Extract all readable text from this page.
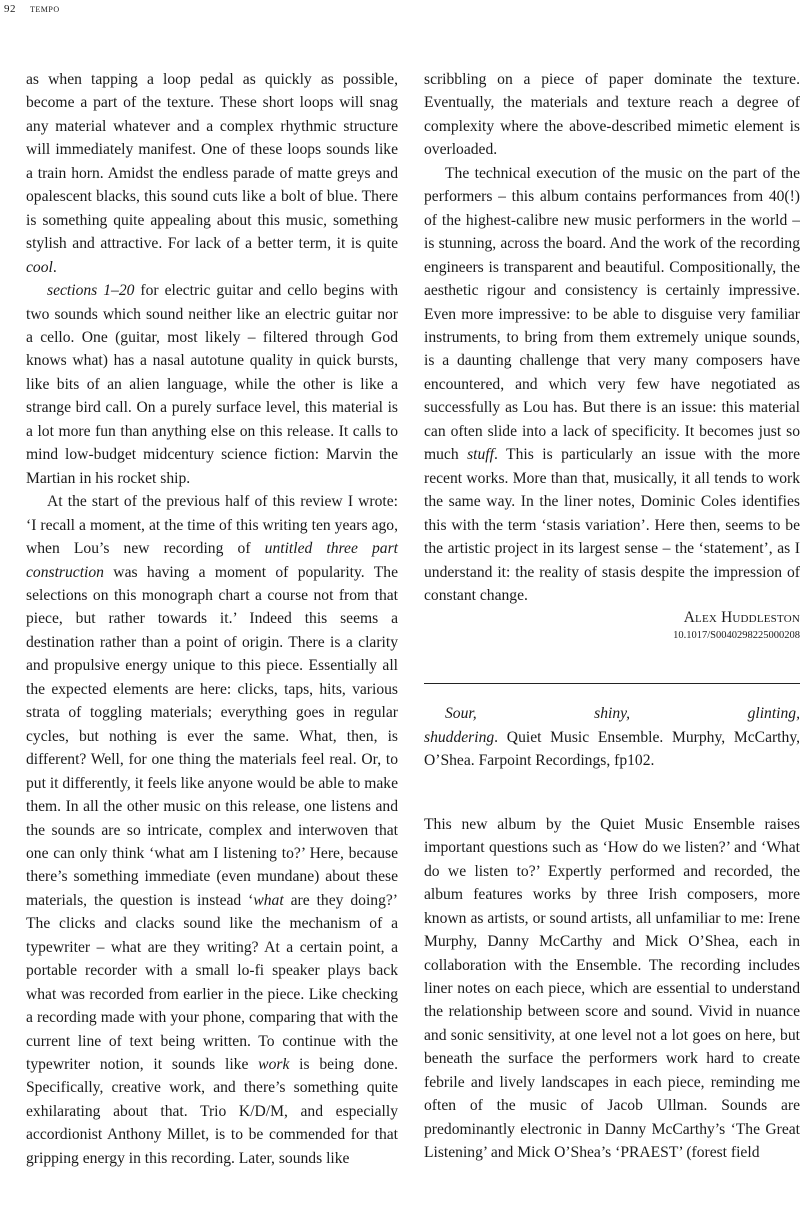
92 tempo

as when tapping a loop pedal as quickly as possible, become a part of the texture. These short loops will snag any material whatever and a complex rhythmic structure will immediately manifest. One of these loops sounds like a train horn. Amidst the endless parade of matte greys and opalescent blacks, this sound cuts like a bolt of blue. There is something quite appealing about this music, something stylish and attractive. For lack of a better term, it is quite cool.

sections 1–20 for electric guitar and cello begins with two sounds which sound neither like an electric guitar nor a cello. One (guitar, most likely – filtered through God knows what) has a nasal autotune quality in quick bursts, like bits of an alien language, while the other is like a strange bird call. On a purely surface level, this material is a lot more fun than anything else on this release. It calls to mind low-budget midcentury science fiction: Marvin the Martian in his rocket ship.

At the start of the previous half of this review I wrote: ‘I recall a moment, at the time of this writing ten years ago, when Lou’s new recording of untitled three part construction was having a moment of popularity. The selections on this monograph chart a course not from that piece, but rather towards it.’ Indeed this seems a destination rather than a point of origin. There is a clarity and propulsive energy unique to this piece. Essentially all the expected elements are here: clicks, taps, hits, various strata of toggling materials; everything goes in regular cycles, but nothing is ever the same. What, then, is different? Well, for one thing the materials feel real. Or, to put it differently, it feels like anyone would be able to make them. In all the other music on this release, one listens and the sounds are so intricate, complex and interwoven that one can only think ‘what am I listening to?’ Here, because there’s something immediate (even mundane) about these materials, the question is instead ‘what are they doing?’ The clicks and clacks sound like the mechanism of a typewriter – what are they writing? At a certain point, a portable recorder with a small lo-fi speaker plays back what was recorded from earlier in the piece. Like checking a recording made with your phone, comparing that with the current line of text being written. To continue with the typewriter notion, it sounds like work is being done. Specifically, creative work, and there’s something quite exhilarating about that. Trio K/D/M, and especially accordionist Anthony Millet, is to be commended for that gripping energy in this recording. Later, sounds like

scribbling on a piece of paper dominate the texture. Eventually, the materials and texture reach a degree of complexity where the above-described mimetic element is overloaded.

The technical execution of the music on the part of the performers – this album contains performances from 40(!) of the highest-calibre new music performers in the world – is stunning, across the board. And the work of the recording engineers is transparent and beautiful. Compositionally, the aesthetic rigour and consistency is certainly impressive. Even more impressive: to be able to disguise very familiar instruments, to bring from them extremely unique sounds, is a daunting challenge that very many composers have encountered, and which very few have negotiated as successfully as Lou has. But there is an issue: this material can often slide into a lack of specificity. It becomes just so much stuff. This is particularly an issue with the more recent works. More than that, musically, it all tends to work the same way. In the liner notes, Dominic Coles identifies this with the term ‘stasis variation’. Here then, seems to be the artistic project in its largest sense – the ‘statement’, as I understand it: the reality of stasis despite the impression of constant change.

Alex Huddleston

10.1017/S0040298225000208

Sour, shiny, glinting, shuddering. Quiet Music Ensemble. Murphy, McCarthy, O’Shea. Farpoint Recordings, fp102.

This new album by the Quiet Music Ensemble raises important questions such as ‘How do we listen?’ and ‘What do we listen to?’ Expertly performed and recorded, the album features works by three Irish composers, more known as artists, or sound artists, all unfamiliar to me: Irene Murphy, Danny McCarthy and Mick O’Shea, each in collaboration with the Ensemble. The recording includes liner notes on each piece, which are essential to understand the relationship between score and sound. Vivid in nuance and sonic sensitivity, at one level not a lot goes on here, but beneath the surface the performers work hard to create febrile and lively landscapes in each piece, reminding me often of the music of Jacob Ullman. Sounds are predominantly electronic in Danny McCarthy’s ‘The Great Listening’ and Mick O’Shea’s ‘PRAEST’ (forest field
